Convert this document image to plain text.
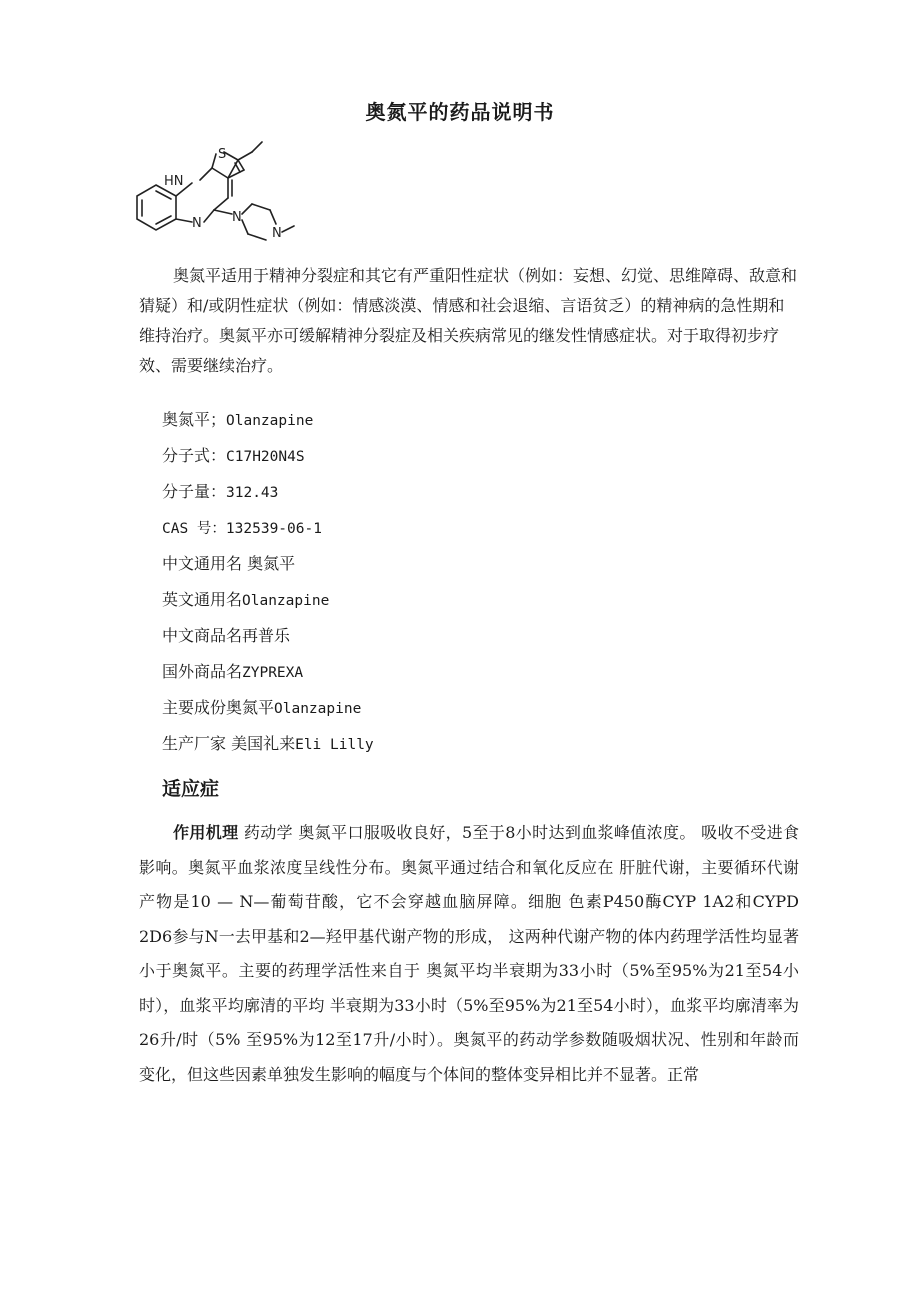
奥氮平的药品说明书
S
HN
N N
N

奥氮平适用于精神分裂症和其它有严重阳性症状（例如：妄想、幻觉、思维障碍、敌意和猜疑）和/或阴性症状（例如：情感淡漠、情感和社会退缩、言语贫乏）的精神病的急性期和维持治疗。奥氮平亦可缓解精神分裂症及相关疾病常见的继发性情感症状。对于取得初步疗效、需要继续治疗。

奥氮平；Olanzapine
分子式：C17H20N4S
分子量：312.43
CAS 号：132539-06-1
中文通用名 奥氮平
英文通用名Olanzapine
中文商品名再普乐
国外商品名ZYPREXA
主要成份奥氮平Olanzapine
生产厂家 美国礼来Eli Lilly
适应症

作用机理 药动学 奥氮平口服吸收良好，5至于8小时达到血浆峰值浓度。 吸收不受进食影响。奥氮平血浆浓度呈线性分布。奥氮平通过结合和氧化反应在 肝脏代谢，主要循环代谢产物是10 — N—葡萄苷酸，它不会穿越血脑屏障。细胞 色素P450酶CYP 1A2和CYPD 2D6参与N一去甲基和2—羟甲基代谢产物的形成， 这两种代谢产物的体内药理学活性均显著小于奥氮平。主要的药理学活性来自于 奥氮平均半衰期为33小时（5%至95%为21至54小时），血浆平均廓清的平均 半衰期为33小时（5%至95%为21至54小时），血浆平均廓清率为26升/时（5% 至95%为12至17升/小时）。奥氮平的药动学参数随吸烟状况、性别和年龄而 变化，但这些因素单独发生影响的幅度与个体间的整体变异相比并不显著。正常
